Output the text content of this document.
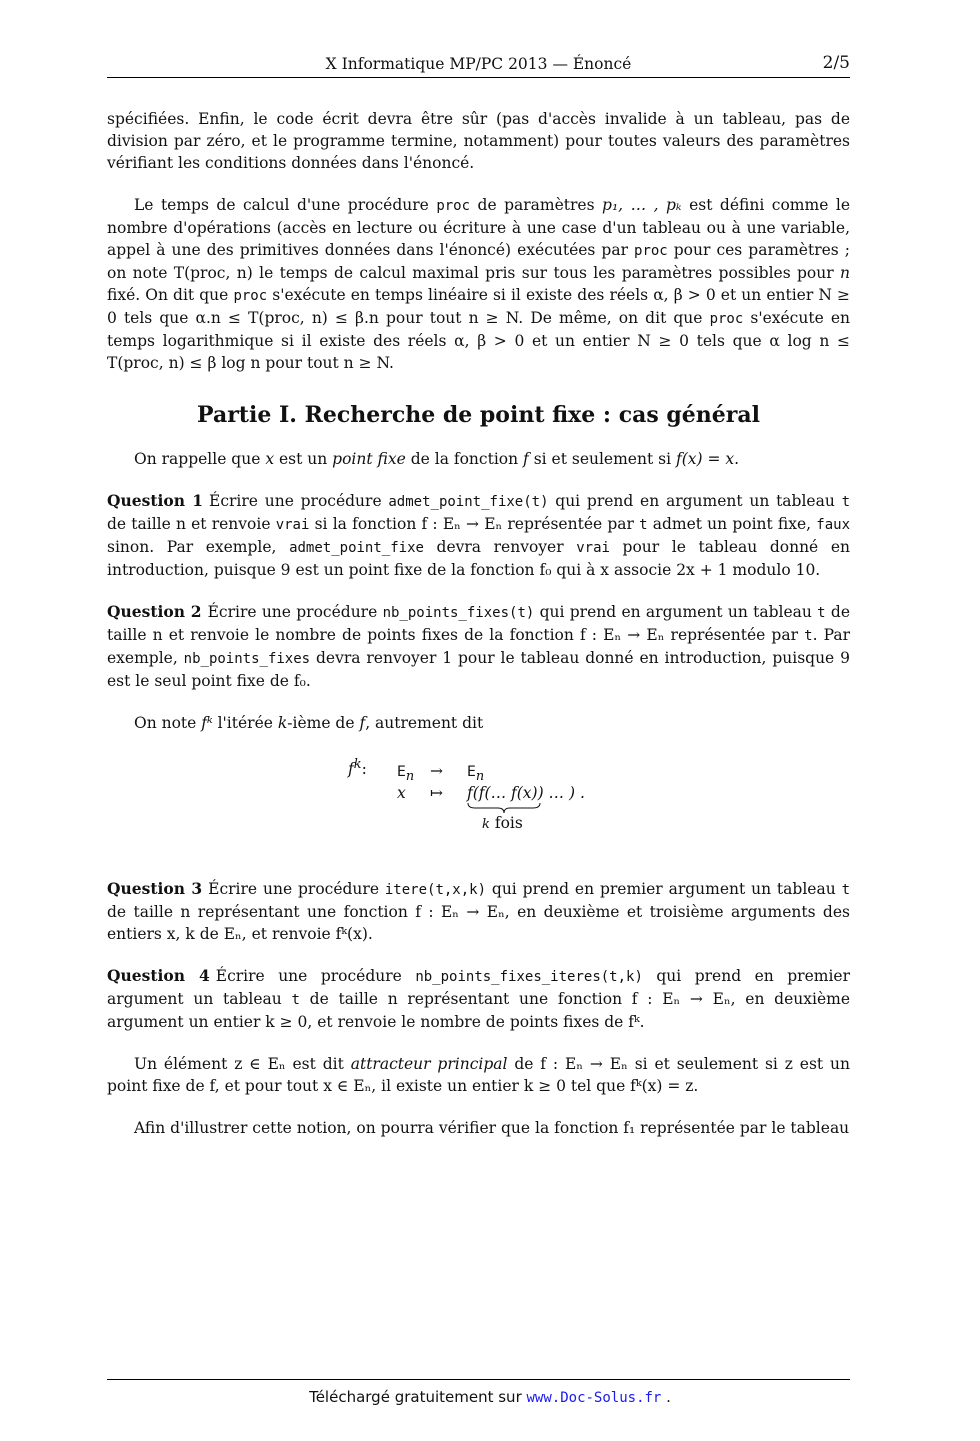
X Informatique MP/PC 2013 — Énoncé	2/5

spécifiées. Enfin, le code écrit devra être sûr (pas d'accès invalide à un tableau, pas de division par zéro, et le programme termine, notamment) pour toutes valeurs des paramètres vérifiant les conditions données dans l'énoncé.

Le temps de calcul d'une procédure proc de paramètres p₁, … , pₖ est défini comme le nombre d'opérations (accès en lecture ou écriture à une case d'un tableau ou à une variable, appel à une des primitives données dans l'énoncé) exécutées par proc pour ces paramètres ; on note T(proc, n) le temps de calcul maximal pris sur tous les paramètres possibles pour n fixé. On dit que proc s'exécute en temps linéaire si il existe des réels α, β > 0 et un entier N ≥ 0 tels que α.n ≤ T(proc, n) ≤ β.n pour tout n ≥ N. De même, on dit que proc s'exécute en temps logarithmique si il existe des réels α, β > 0 et un entier N ≥ 0 tels que α log n ≤ T(proc, n) ≤ β log n pour tout n ≥ N.

Partie I. Recherche de point fixe : cas général

On rappelle que x est un point fixe de la fonction f si et seulement si f(x) = x.

Question 1 Écrire une procédure admet_point_fixe(t) qui prend en argument un tableau t de taille n et renvoie vrai si la fonction f : Eₙ → Eₙ représentée par t admet un point fixe, faux sinon. Par exemple, admet_point_fixe devra renvoyer vrai pour le tableau donné en introduction, puisque 9 est un point fixe de la fonction f₀ qui à x associe 2x + 1 modulo 10.

Question 2 Écrire une procédure nb_points_fixes(t) qui prend en argument un tableau t de taille n et renvoie le nombre de points fixes de la fonction f : Eₙ → Eₙ représentée par t. Par exemple, nb_points_fixes devra renvoyer 1 pour le tableau donné en introduction, puisque 9 est le seul point fixe de f₀.

On note fᵏ l'itérée k-ième de f, autrement dit

$f^k$: $E_n \to E_n$
x ↦ f(f(… f(x)) … ) .
k fois

Question 3 Écrire une procédure itere(t,x,k) qui prend en premier argument un tableau t de taille n représentant une fonction f : Eₙ → Eₙ, en deuxième et troisième arguments des entiers x, k de Eₙ, et renvoie fᵏ(x).

Question 4 Écrire une procédure nb_points_fixes_iteres(t,k) qui prend en premier argument un tableau t de taille n représentant une fonction f : Eₙ → Eₙ, en deuxième argument un entier k ≥ 0, et renvoie le nombre de points fixes de fᵏ.

Un élément z ∈ Eₙ est dit attracteur principal de f : Eₙ → Eₙ si et seulement si z est un point fixe de f, et pour tout x ∈ Eₙ, il existe un entier k ≥ 0 tel que fᵏ(x) = z.

Afin d'illustrer cette notion, on pourra vérifier que la fonction f₁ représentée par le tableau

Téléchargé gratuitement sur www.Doc-Solus.fr .
